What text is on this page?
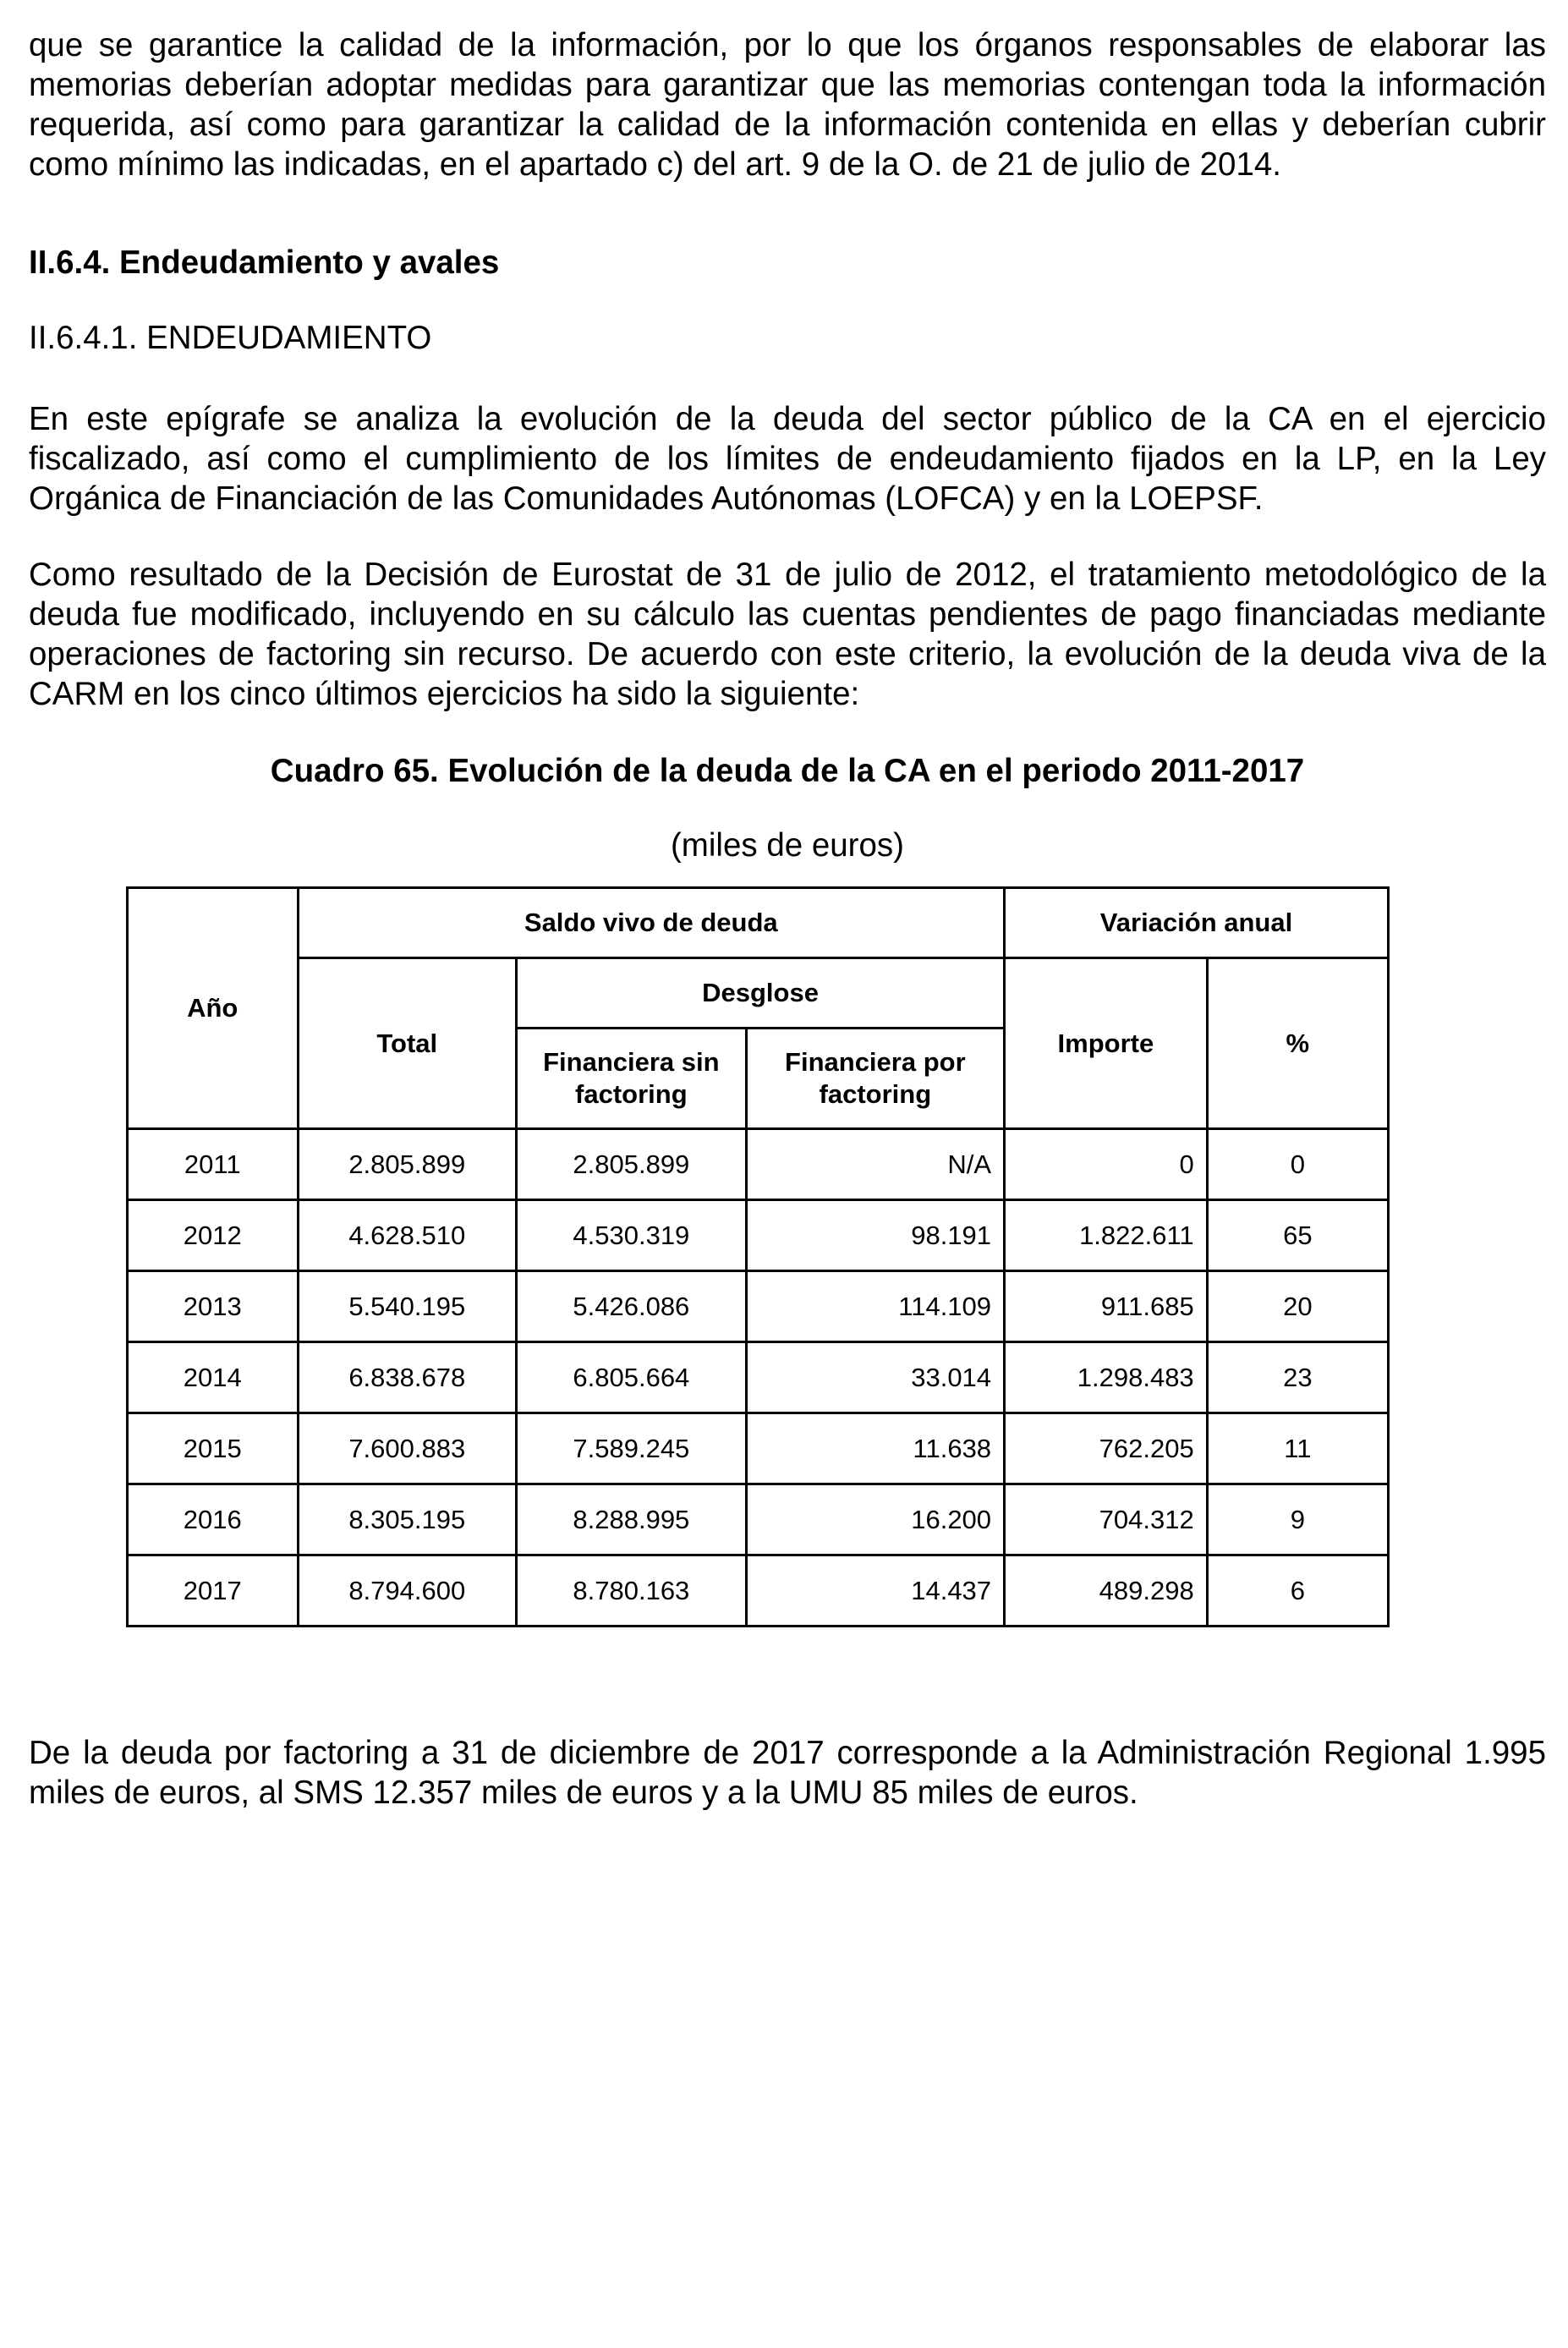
que se garantice la calidad de la información, por lo que los órganos responsables de elaborar las memorias deberían adoptar medidas para garantizar que las memorias contengan toda la información requerida, así como para garantizar la calidad de la información contenida en ellas y deberían cubrir como mínimo las indicadas, en el apartado c) del art. 9 de la O. de 21 de julio de 2014.

II.6.4. Endeudamiento y avales

II.6.4.1. ENDEUDAMIENTO

En este epígrafe se analiza la evolución de la deuda del sector público de la CA en el ejercicio fiscalizado, así como el cumplimiento de los límites de endeudamiento fijados en la LP, en la Ley Orgánica de Financiación de las Comunidades Autónomas (LOFCA) y en la LOEPSF.

Como resultado de la Decisión de Eurostat de 31 de julio de 2012, el tratamiento metodológico de la deuda fue modificado, incluyendo en su cálculo las cuentas pendientes de pago financiadas mediante operaciones de factoring sin recurso. De acuerdo con este criterio, la evolución de la deuda viva de la CARM en los cinco últimos ejercicios ha sido la siguiente:

Cuadro 65. Evolución de la deuda de la CA en el periodo 2011-2017

(miles de euros)

De la deuda por factoring a 31 de diciembre de 2017 corresponde a la Administración Regional 1.995 miles de euros, al SMS 12.357 miles de euros y a la UMU 85 miles de euros.

Año	Saldo vivo de deuda			Variación anual	
	Total	Desglose		Importe	%
		Financiera sin factoring	Financiera por factoring		
2011	2.805.899	2.805.899	N/A	0	0
2012	4.628.510	4.530.319	98.191	1.822.611	65
2013	5.540.195	5.426.086	114.109	911.685	20
2014	6.838.678	6.805.664	33.014	1.298.483	23
2015	7.600.883	7.589.245	11.638	762.205	11
2016	8.305.195	8.288.995	16.200	704.312	9
2017	8.794.600	8.780.163	14.437	489.298	6
